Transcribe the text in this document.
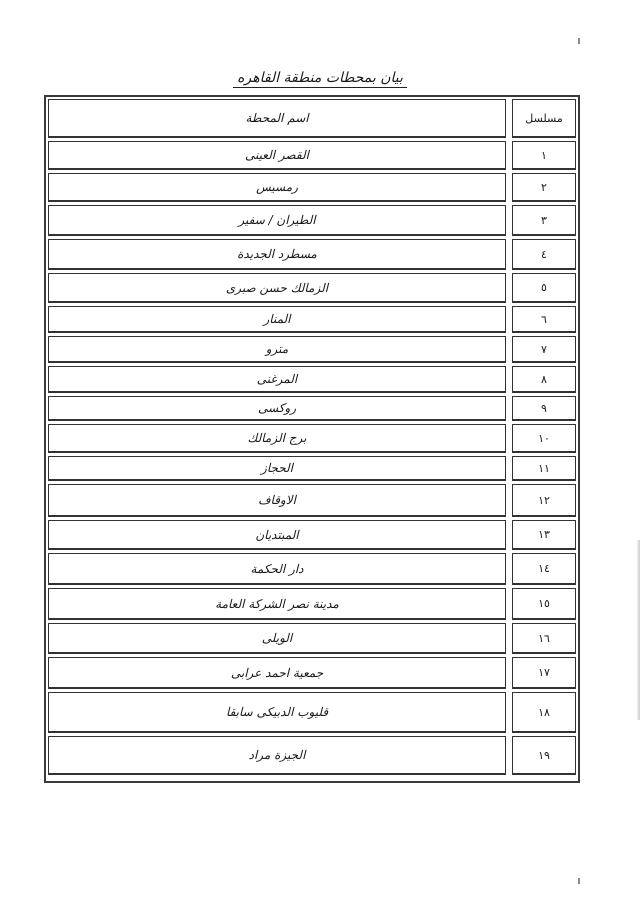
بيان بمحطات منطقة القاهره
مسلسل
اسم المحطة
١
القصر العينى
٢
رمسيس
٣
الطيران / سفير
٤
مسطرد الجديدة
٥
الزمالك حسن صبرى
٦
المنار
٧
مترو
٨
المرغنى
٩
روكسى
١٠
برج الزمالك
١١
الحجاز
١٢
الاوقاف
١٣
المبتديان
١٤
دار الحكمة
١٥
مدينة نصر الشركة العامة
١٦
الويلى
١٧
جمعية احمد عرابى
١٨
قليوب الدبيكى سابقا
١٩
الجيزة مراد
